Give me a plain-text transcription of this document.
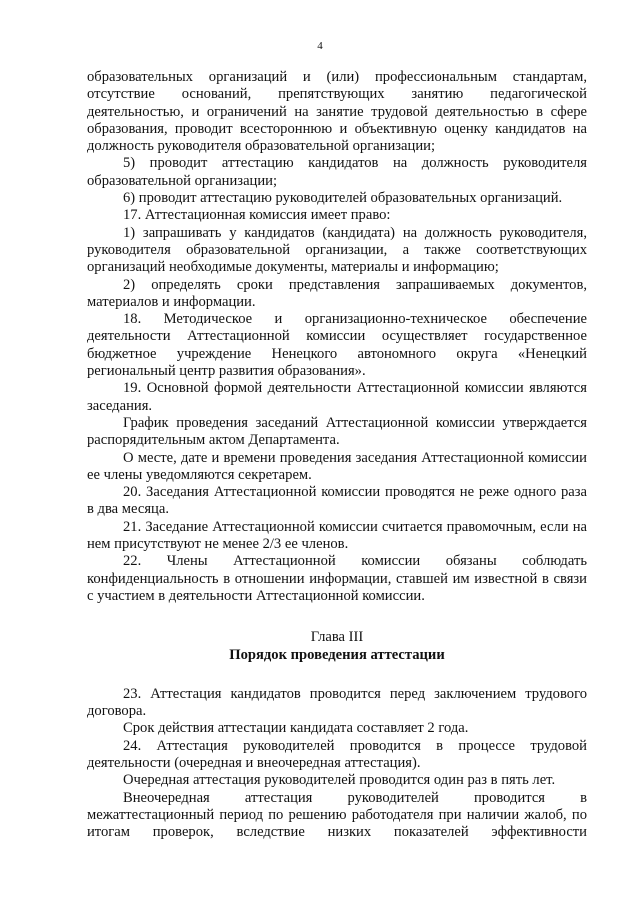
4

образовательных организаций и (или) профессиональным стандартам, отсутствие оснований, препятствующих занятию педагогической деятельностью, и ограничений на занятие трудовой деятельностью в сфере образования, проводит всестороннюю и объективную оценку кандидатов на должность руководителя образовательной организации;

5) проводит аттестацию кандидатов на должность руководителя образовательной организации;

6) проводит аттестацию руководителей образовательных организаций.

17. Аттестационная комиссия имеет право:

1) запрашивать у кандидатов (кандидата) на должность руководителя, руководителя образовательной организации, а также соответствующих организаций необходимые документы, материалы и информацию;

2) определять сроки представления запрашиваемых документов, материалов и информации.

18. Методическое и организационно-техническое обеспечение деятельности Аттестационной комиссии осуществляет государственное бюджетное учреждение Ненецкого автономного округа «Ненецкий региональный центр развития образования».

19. Основной формой деятельности Аттестационной комиссии являются заседания.

График проведения заседаний Аттестационной комиссии утверждается распорядительным актом Департамента.

О месте, дате и времени проведения заседания Аттестационной комиссии ее члены уведомляются секретарем.

20. Заседания Аттестационной комиссии проводятся не реже одного раза в два месяца.

21. Заседание Аттестационной комиссии считается правомочным, если на нем присутствуют не менее 2/3 ее членов.

22. Члены Аттестационной комиссии обязаны соблюдать конфиденциальность в отношении информации, ставшей им известной в связи с участием в деятельности Аттестационной комиссии.

Глава III

Порядок проведения аттестации

23. Аттестация кандидатов проводится перед заключением трудового договора.

Срок действия аттестации кандидата составляет 2 года.

24. Аттестация руководителей проводится в процессе трудовой деятельности (очередная и внеочередная аттестация).

Очередная аттестация руководителей проводится один раз в пять лет.

Внеочередная аттестация руководителей проводится в межаттестационный период по решению работодателя при наличии жалоб, по итогам проверок, вследствие низких показателей эффективности
